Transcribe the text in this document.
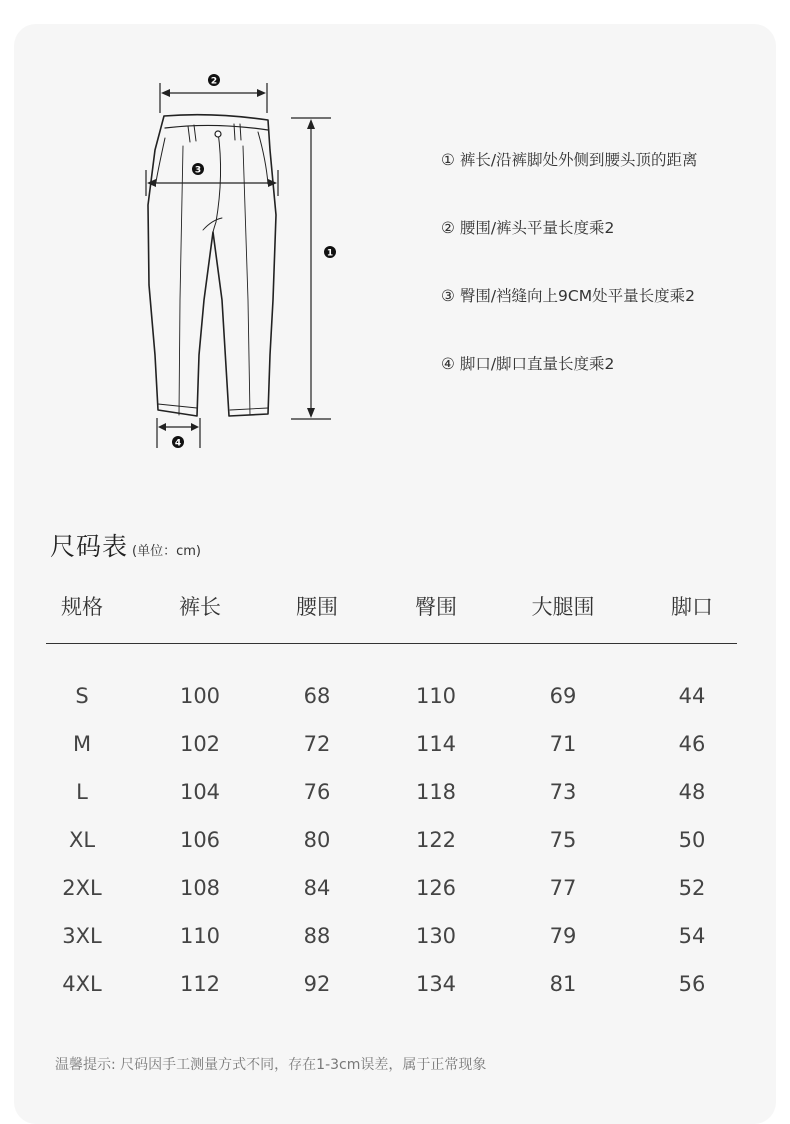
2
1
3
4
① 裤长/沿裤脚处外侧到腰头顶的距离
② 腰围/裤头平量长度乘2
③ 臀围/裆缝向上9CM处平量长度乘2
④ 脚口/脚口直量长度乘2
尺码表 (单位：cm)
规格	裤长	腰围	臀围	大腿围	脚口
S	100	68	110	69	44
M	102	72	114	71	46
L	104	76	118	73	48
XL	106	80	122	75	50
2XL	108	84	126	77	52
3XL	110	88	130	79	54
4XL	112	92	134	81	56
温馨提示: 尺码因手工测量方式不同，存在1-3cm误差，属于正常现象
